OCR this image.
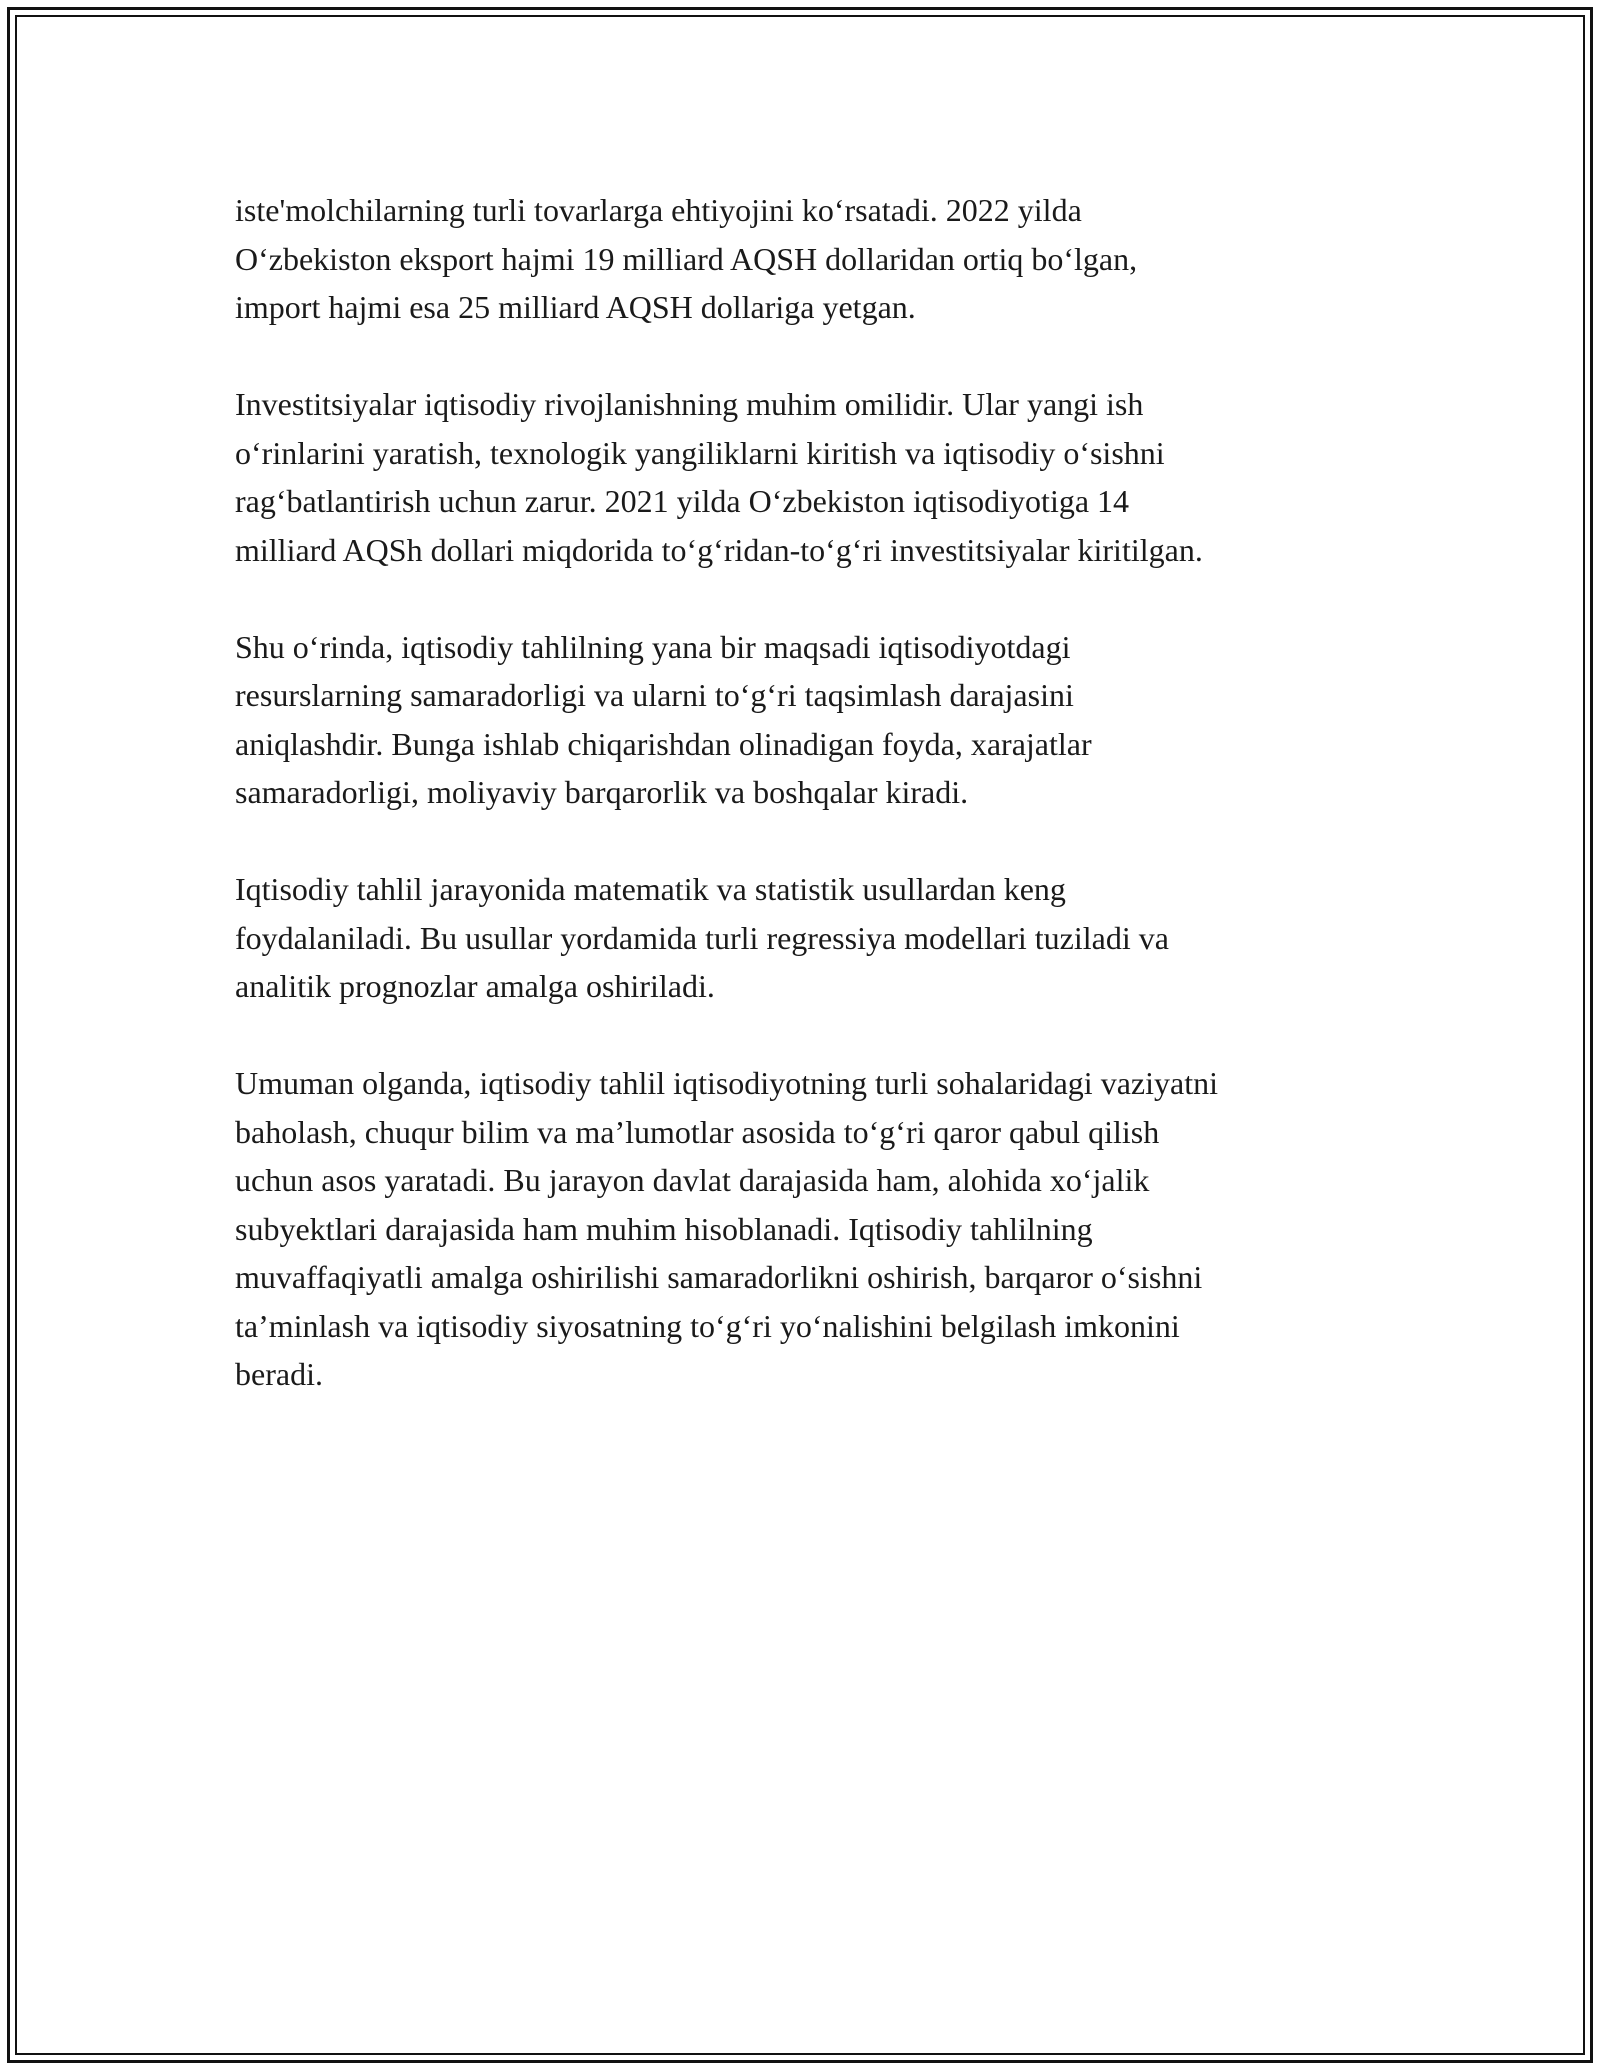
iste'molchilarning turli tovarlarga ehtiyojini koʻrsatadi. 2022 yilda
Oʻzbekiston eksport hajmi 19 milliard AQSH dollaridan ortiq boʻlgan,
import hajmi esa 25 milliard AQSH dollariga yetgan.

Investitsiyalar iqtisodiy rivojlanishning muhim omilidir. Ular yangi ish
oʻrinlarini yaratish, texnologik yangiliklarni kiritish va iqtisodiy oʻsishni
ragʻbatlantirish uchun zarur. 2021 yilda Oʻzbekiston iqtisodiyotiga 14
milliard AQSh dollari miqdorida toʻgʻridan-toʻgʻri investitsiyalar kiritilgan.

Shu oʻrinda, iqtisodiy tahlilning yana bir maqsadi iqtisodiyotdagi
resurslarning samaradorligi va ularni toʻgʻri taqsimlash darajasini
aniqlashdir. Bunga ishlab chiqarishdan olinadigan foyda, xarajatlar
samaradorligi, moliyaviy barqarorlik va boshqalar kiradi.

Iqtisodiy tahlil jarayonida matematik va statistik usullardan keng
foydalaniladi. Bu usullar yordamida turli regressiya modellari tuziladi va
analitik prognozlar amalga oshiriladi.

Umuman olganda, iqtisodiy tahlil iqtisodiyotning turli sohalaridagi vaziyatni
baholash, chuqur bilim va ma’lumotlar asosida toʻgʻri qaror qabul qilish
uchun asos yaratadi. Bu jarayon davlat darajasida ham, alohida xoʻjalik
subyektlari darajasida ham muhim hisoblanadi. Iqtisodiy tahlilning
muvaffaqiyatli amalga oshirilishi samaradorlikni oshirish, barqaror oʻsishni
ta’minlash va iqtisodiy siyosatning toʻgʻri yoʻnalishini belgilash imkonini
beradi.
